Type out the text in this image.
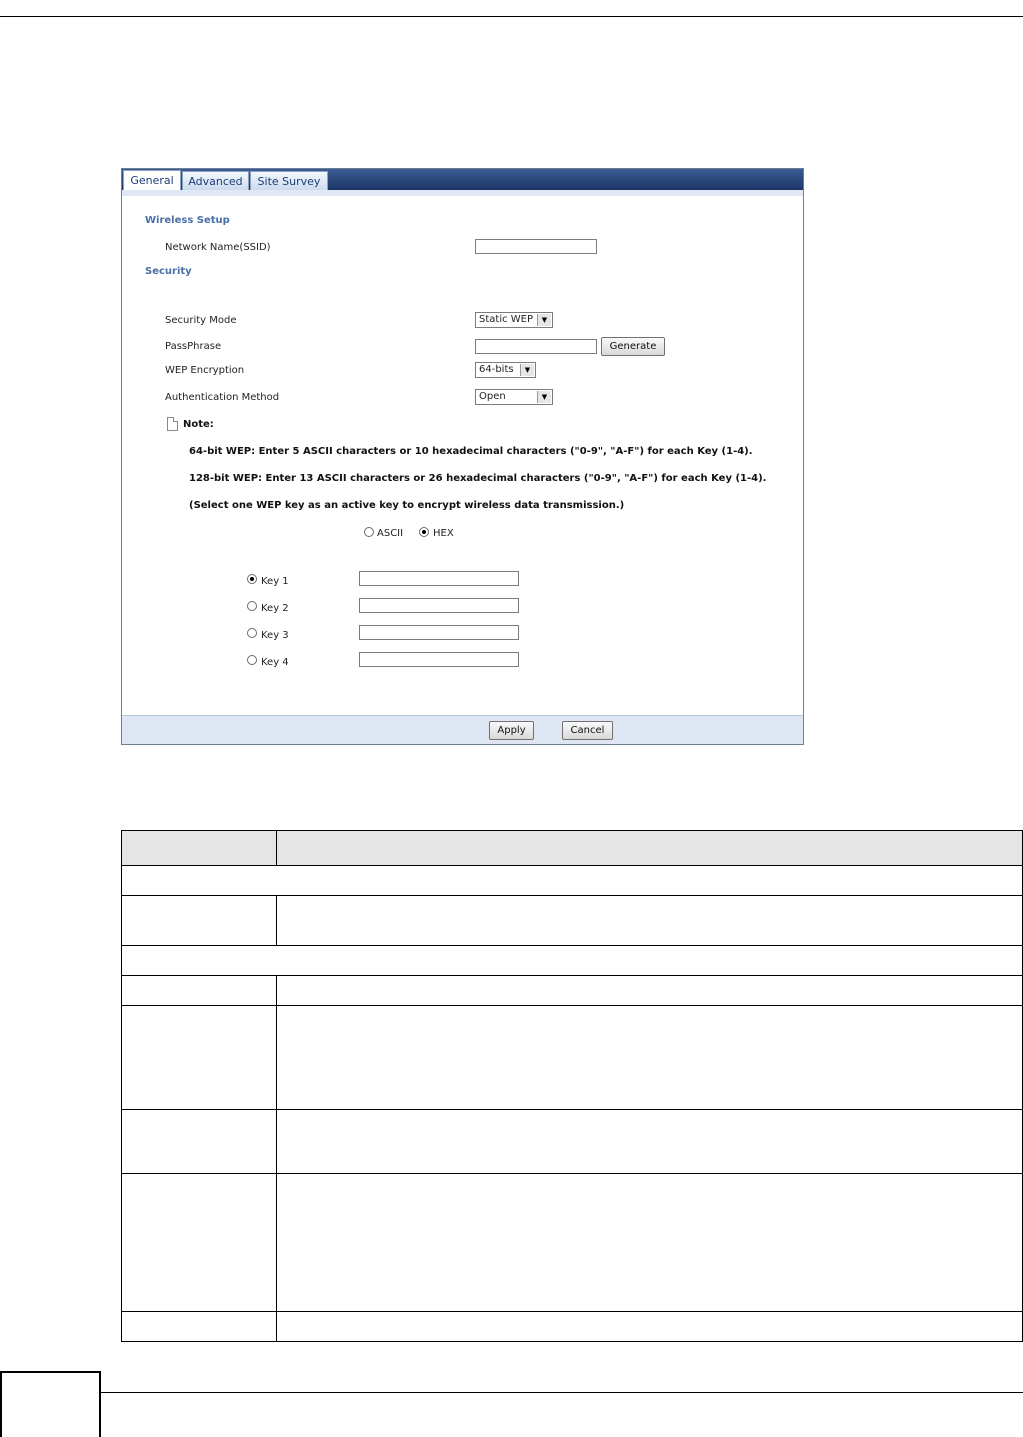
General	Advanced	Site Survey
Wireless Setup
Network Name(SSID)
Security
Security Mode	Static WEP	▼
PassPhrase	Generate
WEP Encryption	64-bits	▼
Authentication Method	Open	▼
Note:
64-bit WEP: Enter 5 ASCII characters or 10 hexadecimal characters ("0-9", "A-F") for each Key (1-4).
128-bit WEP: Enter 13 ASCII characters or 26 hexadecimal characters ("0-9", "A-F") for each Key (1-4).
(Select one WEP key as an active key to encrypt wireless data transmission.)
ASCII	HEX
Key 1
Key 2
Key 3
Key 4
Apply	Cancel
